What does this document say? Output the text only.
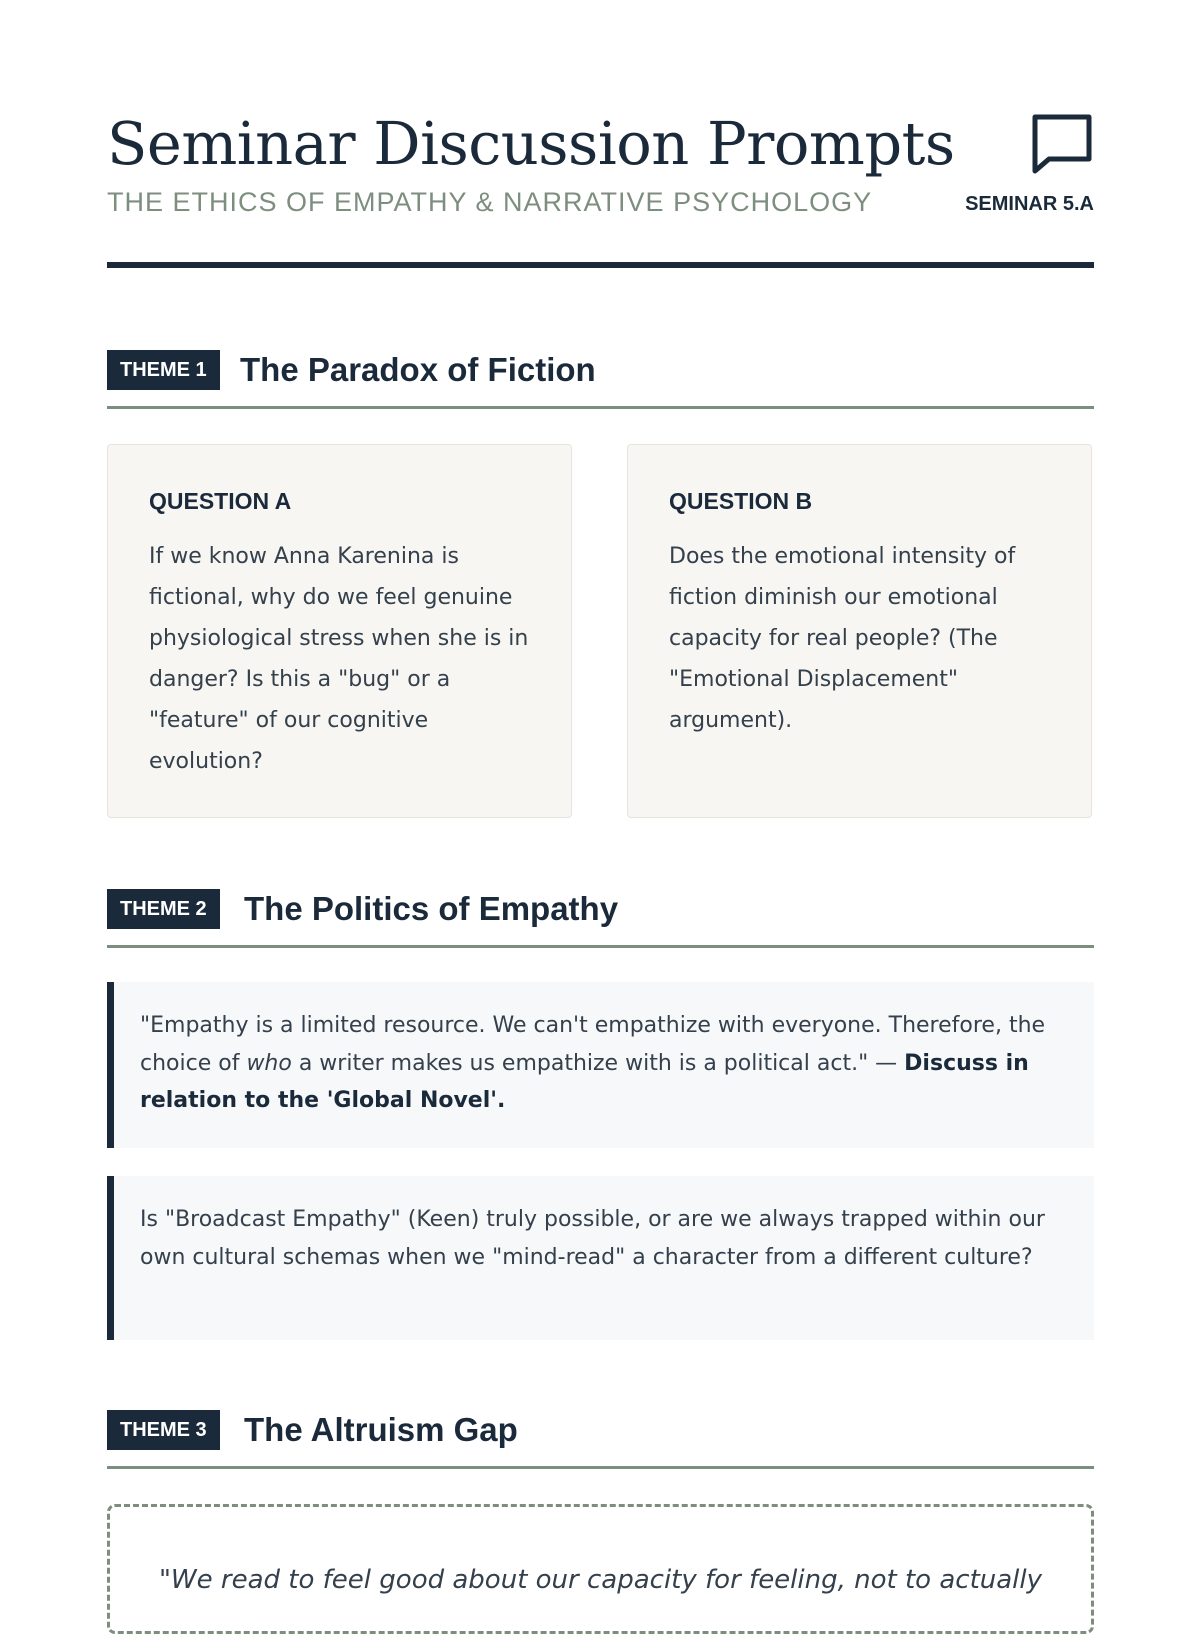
Seminar Discussion Prompts
THE ETHICS OF EMPATHY & NARRATIVE PSYCHOLOGY	SEMINAR 5.A
THEME 1	The Paradox of Fiction
QUESTION A

If we know Anna Karenina is fictional, why do we feel genuine physiological stress when she is in danger? Is this a "bug" or a "feature" of our cognitive evolution?

QUESTION B

Does the emotional intensity of fiction diminish our emotional capacity for real people? (The "Emotional Displacement" argument).

THEME 2	The Politics of Empathy
"Empathy is a limited resource. We can't empathize with everyone. Therefore, the choice of who a writer makes us empathize with is a political act." — Discuss in relation to the 'Global Novel'.
Is "Broadcast Empathy" (Keen) truly possible, or are we always trapped within our own cultural schemas when we "mind-read" a character from a different culture?
THEME 3	The Altruism Gap

"We read to feel good about our capacity for feeling, not to actually
